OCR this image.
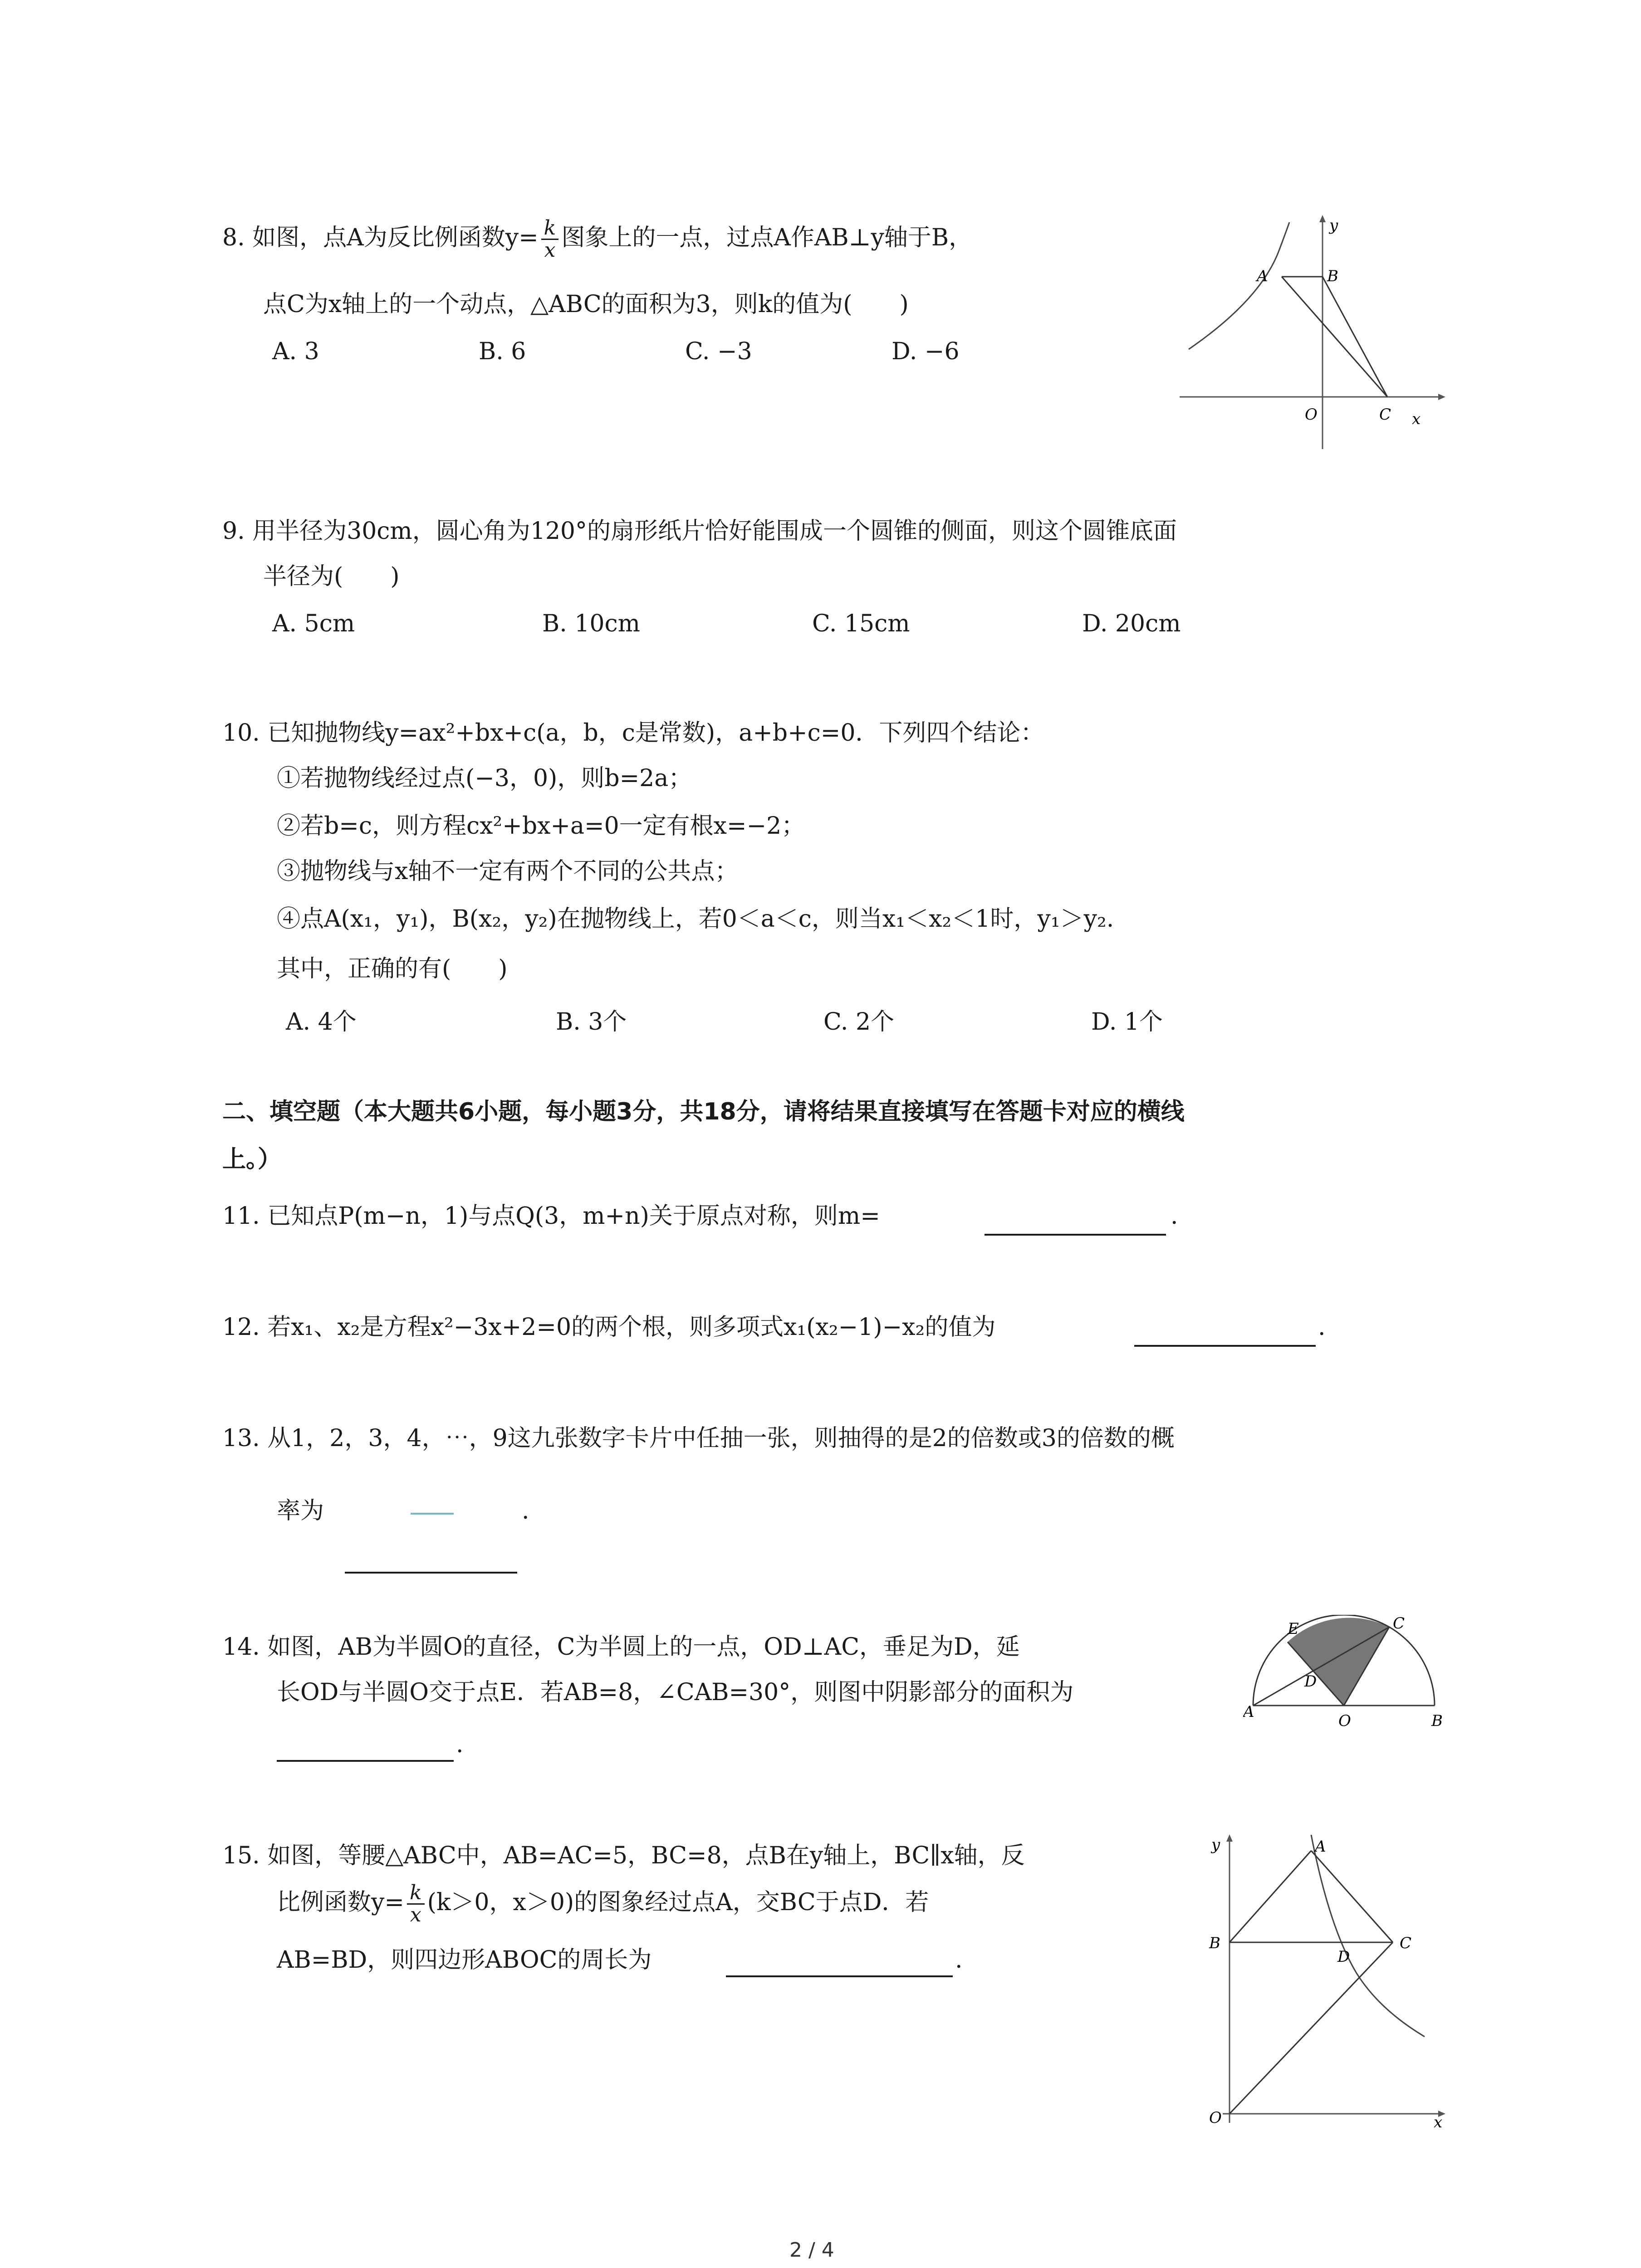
8. 如图，点A为反比例函数$y= \frac{k}{x}$ 图象上的一点，过点A作AB⊥y轴于B，
点C为x轴上的一个动点，△ABC的面积为3，则k的值为(　　)
A. 3	B. 6	C. −3	D. −6
A	B
O	C x
y
9. 用半径为30cm，圆心角为120°的扇形纸片恰好能围成一个圆锥的侧面，则这个圆锥底面
半径为(　　)
A. 5cm	B. 10cm	C. 15cm	D. 20cm
10. 已知抛物线y=ax²+bx+c(a，b，c是常数)，a+b+c=0．下列四个结论：
①若抛物线经过点(−3，0)，则b=2a；
②若b=c，则方程cx²+bx+a=0一定有根x=−2；
③抛物线与x轴不一定有两个不同的公共点；
④点A(x₁，y₁)，B(x₂，y₂)在抛物线上，若0＜a＜c，则当x₁＜x₂＜1时，y₁＞y₂.
其中，正确的有(　　)
A. 4个	B. 3个	C. 2个	D. 1个
二、填空题（本大题共6小题，每小题3分，共18分，请将结果直接填写在答题卡对应的横线
上。）
11. 已知点P(m−n，1)与点Q(3，m+n)关于原点对称，则m=	.
12. 若x₁、x₂是方程x²−3x+2=0的两个根，则多项式x₁(x₂−1)−x₂的值为	.
13. 从1，2，3，4，⋯，9这九张数字卡片中任抽一张，则抽得的是2的倍数或3的倍数的概
率为	.
14. 如图，AB为半圆O的直径，C为半圆上的一点，OD⊥AC，垂足为D，延
长OD与半圆O交于点E．若AB=8，∠CAB=30°，则图中阴影部分的面积为
.
E	C
D
A	O	B
15. 如图，等腰△ABC中，AB=AC=5，BC=8，点B在y轴上，BC∥x轴，反
比例函数$y= \frac{k}{x} (k>0$，x＞0)的图象经过点A，交BC于点D．若
AB=BD，则四边形ABOC的周长为	.
y	A
B
D
C
O	x
2 / 4
